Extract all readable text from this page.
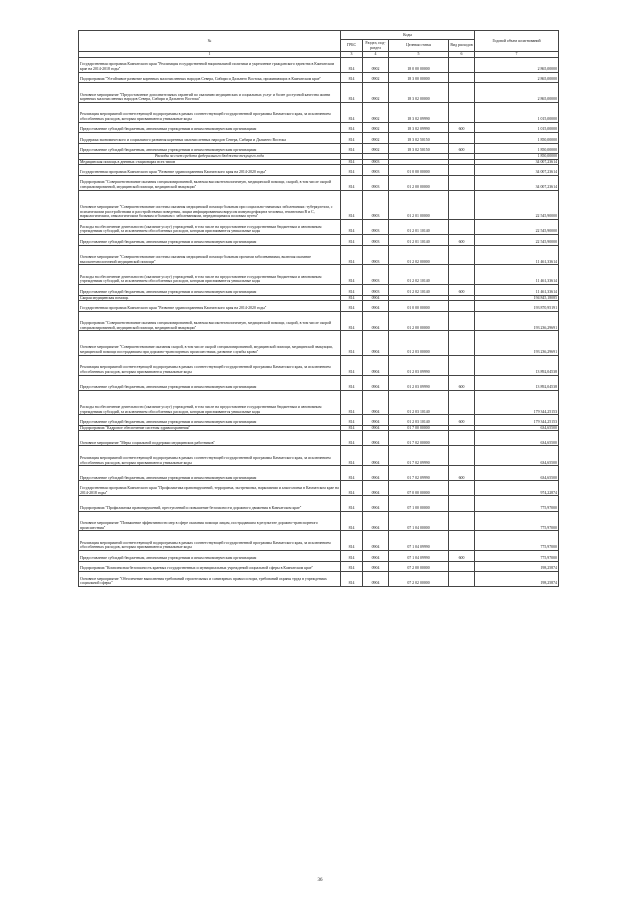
№	Коды				Годовой объем ассигнований
	ГРБС	Раздел, под-раздел	Целевая статья	Вид расходов	
1	3	4	5	6	7
Государственная программа Камчатского края "Реализация государственной национальной политики и укрепление гражданского единства в Камчатском крае на 2014-2018 годы"	814	0902	18 0 00 00000		2 865,00000
Подпрограмма "Устойчивое развитие коренных малочисленных народов Севера, Сибири и Дальнего Востока, проживающих в Камчатском крае"	814	0902	18 3 00 00000		2 865,00000
Основное мероприятие "Предоставление дополнительных гарантий по оказанию медицинских и социальных услуг и более доступной качества жизни коренных малочисленных народов Севера, Сибири и Дальнего Востока"	814	0902	18 3 02 00000		2 865,00000
Реализация мероприятий соответствующей подпрограммы в рамках соответствующей государственной программы Камчатского края, за исключением обособленных расходов, которым присваиваются уникальные коды	814	0902	18 3 02 09990		1 015,00000
Предоставление субсидий бюджетным, автономным учреждениям и иным некоммерческим организациям	814	0902	18 3 02 09990	600	1 015,00000
Поддержка экономического и социального развития коренных малочисленных народов Севера, Сибири и Дальнего Востока	814	0902	18 3 02 50150		1 850,00000
Предоставление субсидий бюджетным, автономным учреждениям и иным некоммерческим организациям	814	0902	18 3 02 50150	600	1 850,00000
Расходы за счет средств федерального бюджета текущего года					1 850,00000
Медицинская помощь в дневных стационарах всех типов	814	0903			34 007,23614
Государственная программа Камчатского края "Развитие здравоохранения Камчатского края на 2014-2020 годы"	814	0903	01 0 00 00000		34 007,23614
Подпрограмма "Совершенствование оказания специализированной, включая высокотехнологичную, медицинской помощи, скорой, в том числе скорой специализированной, медицинской помощи, медицинской эвакуации"	814	0903	01 2 00 00000		34 007,23614
Основное мероприятие "Совершенствование системы оказания медицинской помощи больным при социально-значимых заболеваниях: туберкулезом, с психическими расстройствами и расстройствами поведения, лицам инфицированным вирусом иммунодефицита человека, гепатитами В и С, наркологическим, онкологическим больным и больным с заболеваниями, передающимися половым путем"	814	0903	01 2 01 00000		22 545,90000
Расходы на обеспечение деятельности (оказание услуг) учреждений, в том числе на предоставление государственным бюджетным и автономным учреждениям субсидий, за исключением обособленных расходов, которым присваиваются уникальные коды	814	0903	01 2 01 10140		22 545,90000
Предоставление субсидий бюджетным, автономным учреждениям и иным некоммерческим организациям	814	0903	01 2 01 10140	600	22 545,90000
Основное мероприятие "Совершенствование системы оказания медицинской помощи больным прочими заболеваниями, включая оказание высокотехнологичной медицинской помощи"	814	0903	01 2 02 00000		11 461,33614
Расходы на обеспечение деятельности (оказание услуг) учреждений, в том числе на предоставление государственным бюджетным и автономным учреждениям субсидий, за исключением обособленных расходов, которым присваиваются уникальные коды	814	0903	01 2 02 10140		11 461,33614
Предоставление субсидий бюджетным, автономным учреждениям и иным некоммерческим организациям	814	0903	01 2 02 10140	600	11 461,33614
Скорая медицинская помощь	814	0904			194 845,18085
Государственная программа Камчатского края "Развитие здравоохранения Камчатского края на 2014-2020 годы"	814	0904	01 0 00 00000		193 870,95191
Подпрограмма "Совершенствование оказания специализированной, включая высокотехнологичную, медицинской помощи, скорой, в том числе скорой специализированной, медицинской помощи, медицинской эвакуации"	814	0904	01 2 00 00000		193 236,29691
Основное мероприятие "Совершенствование оказания скорой, в том числе скорой специализированной, медицинской помощи, медицинской эвакуации, медицинской помощи пострадавшим при дорожно-транспортных происшествиях, развитие службы крови"	814	0904	01 2 03 00000		193 236,29691
Реализация мероприятий соответствующей подпрограммы в рамках соответствующей государственной программы Камчатского края, за исключением обособленных расходов, которым присваиваются уникальные коды	814	0904	01 2 03 09990		13 892,04538
Предоставление субсидий бюджетным, автономным учреждениям и иным некоммерческим организациям	814	0904	01 2 03 09990	600	13 892,04538
Расходы на обеспечение деятельности (оказание услуг) учреждений, в том числе на предоставление государственным бюджетным и автономным учреждениям субсидий, за исключением обособленных расходов, которым присваиваются уникальные коды	814	0904	01 2 03 10140		179 344,25153
Предоставление субсидий бюджетным, автономным учреждениям и иным некоммерческим организациям	814	0904	01 2 03 10140	600	179 344,25153
Подпрограмма "Кадровое обеспечение системы здравоохранения"	814	0904	01 7 00 00000		634,65500
Основное мероприятие "Меры социальной поддержки медицинских работников"	814	0904	01 7 02 00000		634,65500
Реализация мероприятий соответствующей подпрограммы в рамках соответствующей государственной программы Камчатского края, за исключением обособленных расходов, которым присваиваются уникальные коды	814	0904	01 7 02 09990		634,65500
Предоставление субсидий бюджетным, автономным учреждениям и иным некоммерческим организациям	814	0904	01 7 02 09990	600	634,65500
Государственная программа Камчатского края "Профилактика правонарушений, терроризма, экстремизма, наркомании и алкоголизма в Камчатском крае на 2014-2018 годы"	814	0904	07 0 00 00000		974,22874
Подпрограмма "Профилактика правонарушений, преступлений и повышение безопасности дорожного движения в Камчатском крае"	814	0904	07 1 00 00000		775,97000
Основное мероприятие "Повышение эффективности мер в сфере оказания помощи лицам, пострадавшим в результате дорожно-транспортного происшествия"	814	0904	07 1 04 00000		775,97000
Реализация мероприятий соответствующей подпрограммы в рамках соответствующей государственной программы Камчатского края, за исключением обособленных расходов, которым присваиваются уникальные коды	814	0904	07 1 04 09990		775,97000
Предоставление субсидий бюджетным, автономным учреждениям и иным некоммерческим организациям	814	0904	07 1 04 09990	600	775,97000
Подпрограмма "Комплексная безопасность краевых государственных и муниципальных учреждений социальной сферы в Камчатском крае"	814	0904	07 2 00 00000		198,25874
Основное мероприятие "Обеспечение выполнения требований строительных и санитарных правил и норм, требований охраны труда в учреждениях социальной сферы"	814	0904	07 2 02 00000		198,25874
36
